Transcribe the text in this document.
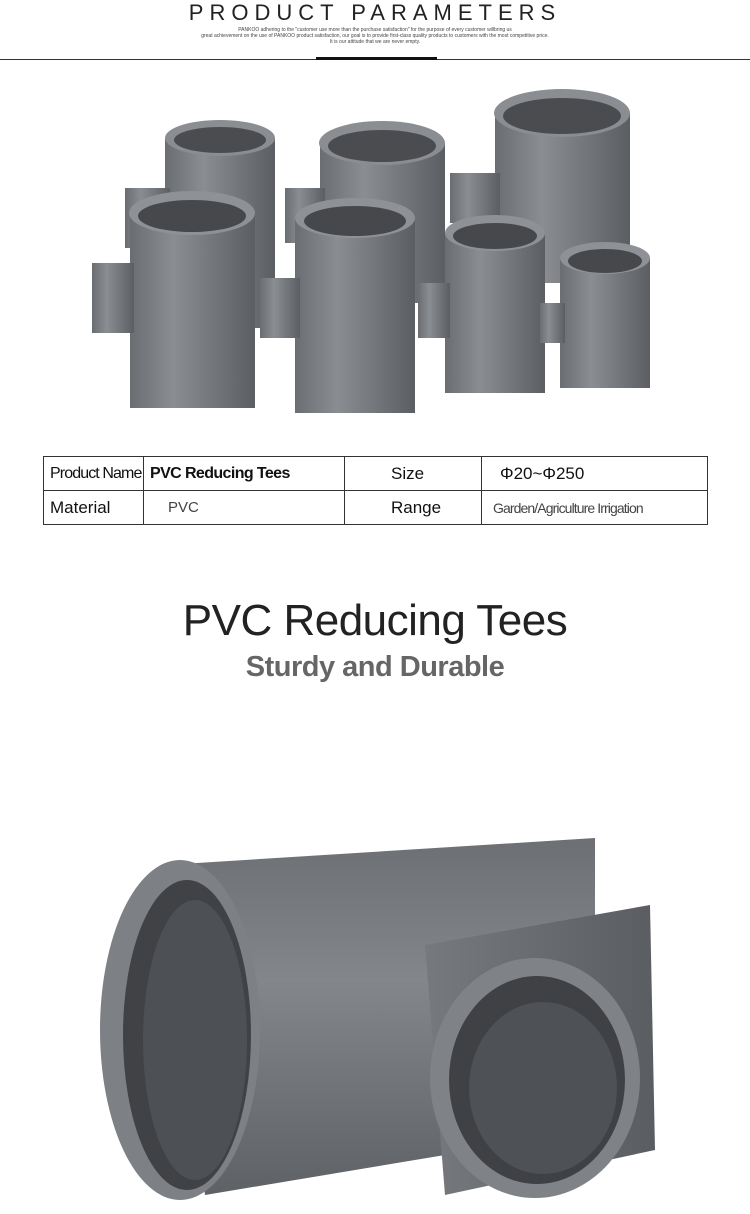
PRODUCT PARAMETERS
PANKOO adhering to the "customer use more than the purchase satisfaction" for the purpose of every customer willbring us
great achievement on the use of PANKOO product satisfaction, our goal is to provide first-class quality products to customers with the most competitive price.
It is our attitude that we are never empty.
Product Name	PVC Reducing Tees	Size	Φ20~Φ250
Material	PVC	Range	Garden/Agriculture Irrigation
PVC Reducing Tees
Sturdy and Durable
